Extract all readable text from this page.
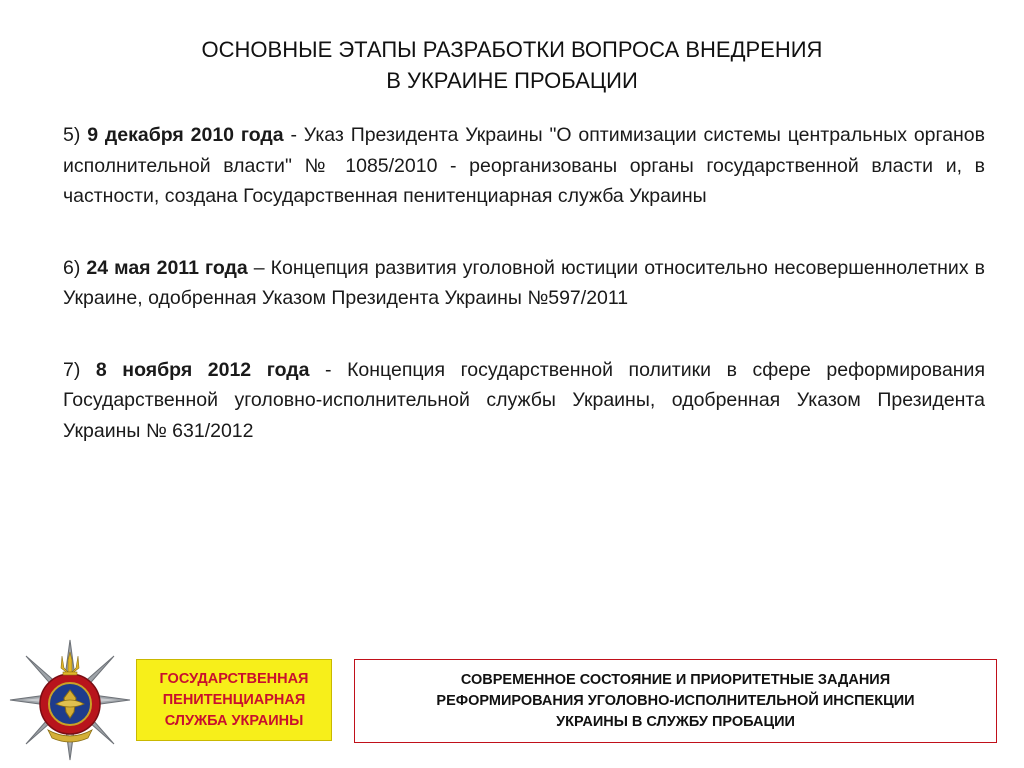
ОСНОВНЫЕ ЭТАПЫ РАЗРАБОТКИ ВОПРОСА ВНЕДРЕНИЯ
В УКРАИНЕ ПРОБАЦИИ

5) 9 декабря 2010 года - Указ Президента Украины "О оптимизации системы центральных органов исполнительной власти" № 1085/2010 - реорганизованы органы государственной власти и, в частности, создана Государственная пенитенциарная служба Украины

6) 24 мая 2011 года – Концепция развития уголовной юстиции относительно несовершеннолетних в Украине, одобренная Указом Президента Украины №597/2011

7) 8 ноября 2012 года - Концепция государственной политики в сфере реформирования Государственной уголовно-исполнительной службы Украины, одобренная Указом Президента Украины № 631/2012

ГОСУДАРСТВЕННАЯ
ПЕНИТЕНЦИАРНАЯ
СЛУЖБА УКРАИНЫ
СОВРЕМЕННОЕ СОСТОЯНИЕ И ПРИОРИТЕТНЫЕ ЗАДАНИЯ
РЕФОРМИРОВАНИЯ УГОЛОВНО-ИСПОЛНИТЕЛЬНОЙ ИНСПЕКЦИИ
УКРАИНЫ В СЛУЖБУ ПРОБАЦИИ
